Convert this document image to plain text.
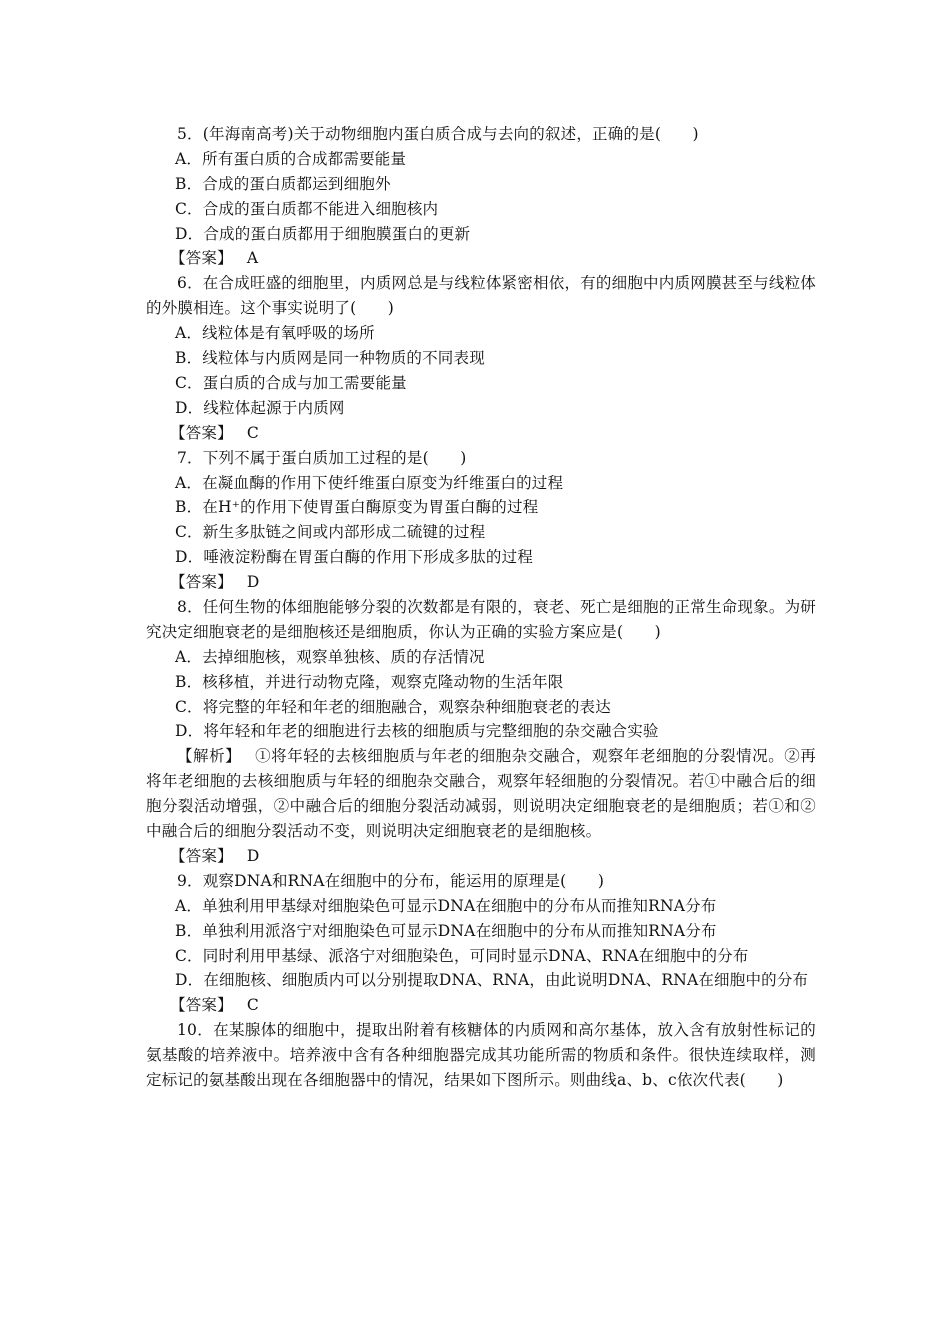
5．(年海南高考)关于动物细胞内蛋白质合成与去向的叙述，正确的是(　　)
A．所有蛋白质的合成都需要能量
B．合成的蛋白质都运到细胞外
C．合成的蛋白质都不能进入细胞核内
D．合成的蛋白质都用于细胞膜蛋白的更新
【答案】 A
6．在合成旺盛的细胞里，内质网总是与线粒体紧密相依，有的细胞中内质网膜甚至与线粒体的外膜相连。这个事实说明了(　　)
A．线粒体是有氧呼吸的场所
B．线粒体与内质网是同一种物质的不同表现
C．蛋白质的合成与加工需要能量
D．线粒体起源于内质网
【答案】 C
7．下列不属于蛋白质加工过程的是(　　)
A．在凝血酶的作用下使纤维蛋白原变为纤维蛋白的过程
B．在H⁺的作用下使胃蛋白酶原变为胃蛋白酶的过程
C．新生多肽链之间或内部形成二硫键的过程
D．唾液淀粉酶在胃蛋白酶的作用下形成多肽的过程
【答案】 D
8．任何生物的体细胞能够分裂的次数都是有限的，衰老、死亡是细胞的正常生命现象。为研究决定细胞衰老的是细胞核还是细胞质，你认为正确的实验方案应是(　　)
A．去掉细胞核，观察单独核、质的存活情况
B．核移植，并进行动物克隆，观察克隆动物的生活年限
C．将完整的年轻和年老的细胞融合，观察杂种细胞衰老的表达
D．将年轻和年老的细胞进行去核的细胞质与完整细胞的杂交融合实验
【解析】 ①将年轻的去核细胞质与年老的细胞杂交融合，观察年老细胞的分裂情况。②再将年老细胞的去核细胞质与年轻的细胞杂交融合，观察年轻细胞的分裂情况。若①中融合后的细胞分裂活动增强，②中融合后的细胞分裂活动减弱，则说明决定细胞衰老的是细胞质；若①和②中融合后的细胞分裂活动不变，则说明决定细胞衰老的是细胞核。
【答案】 D
9．观察DNA和RNA在细胞中的分布，能运用的原理是(　　)
A．单独利用甲基绿对细胞染色可显示DNA在细胞中的分布从而推知RNA分布
B．单独利用派洛宁对细胞染色可显示DNA在细胞中的分布从而推知RNA分布
C．同时利用甲基绿、派洛宁对细胞染色，可同时显示DNA、RNA在细胞中的分布
D．在细胞核、细胞质内可以分别提取DNA、RNA，由此说明DNA、RNA在细胞中的分布
【答案】 C
10．在某腺体的细胞中，提取出附着有核糖体的内质网和高尔基体，放入含有放射性标记的氨基酸的培养液中。培养液中含有各种细胞器完成其功能所需的物质和条件。很快连续取样，测定标记的氨基酸出现在各细胞器中的情况，结果如下图所示。则曲线a、b、c依次代表(　　)
